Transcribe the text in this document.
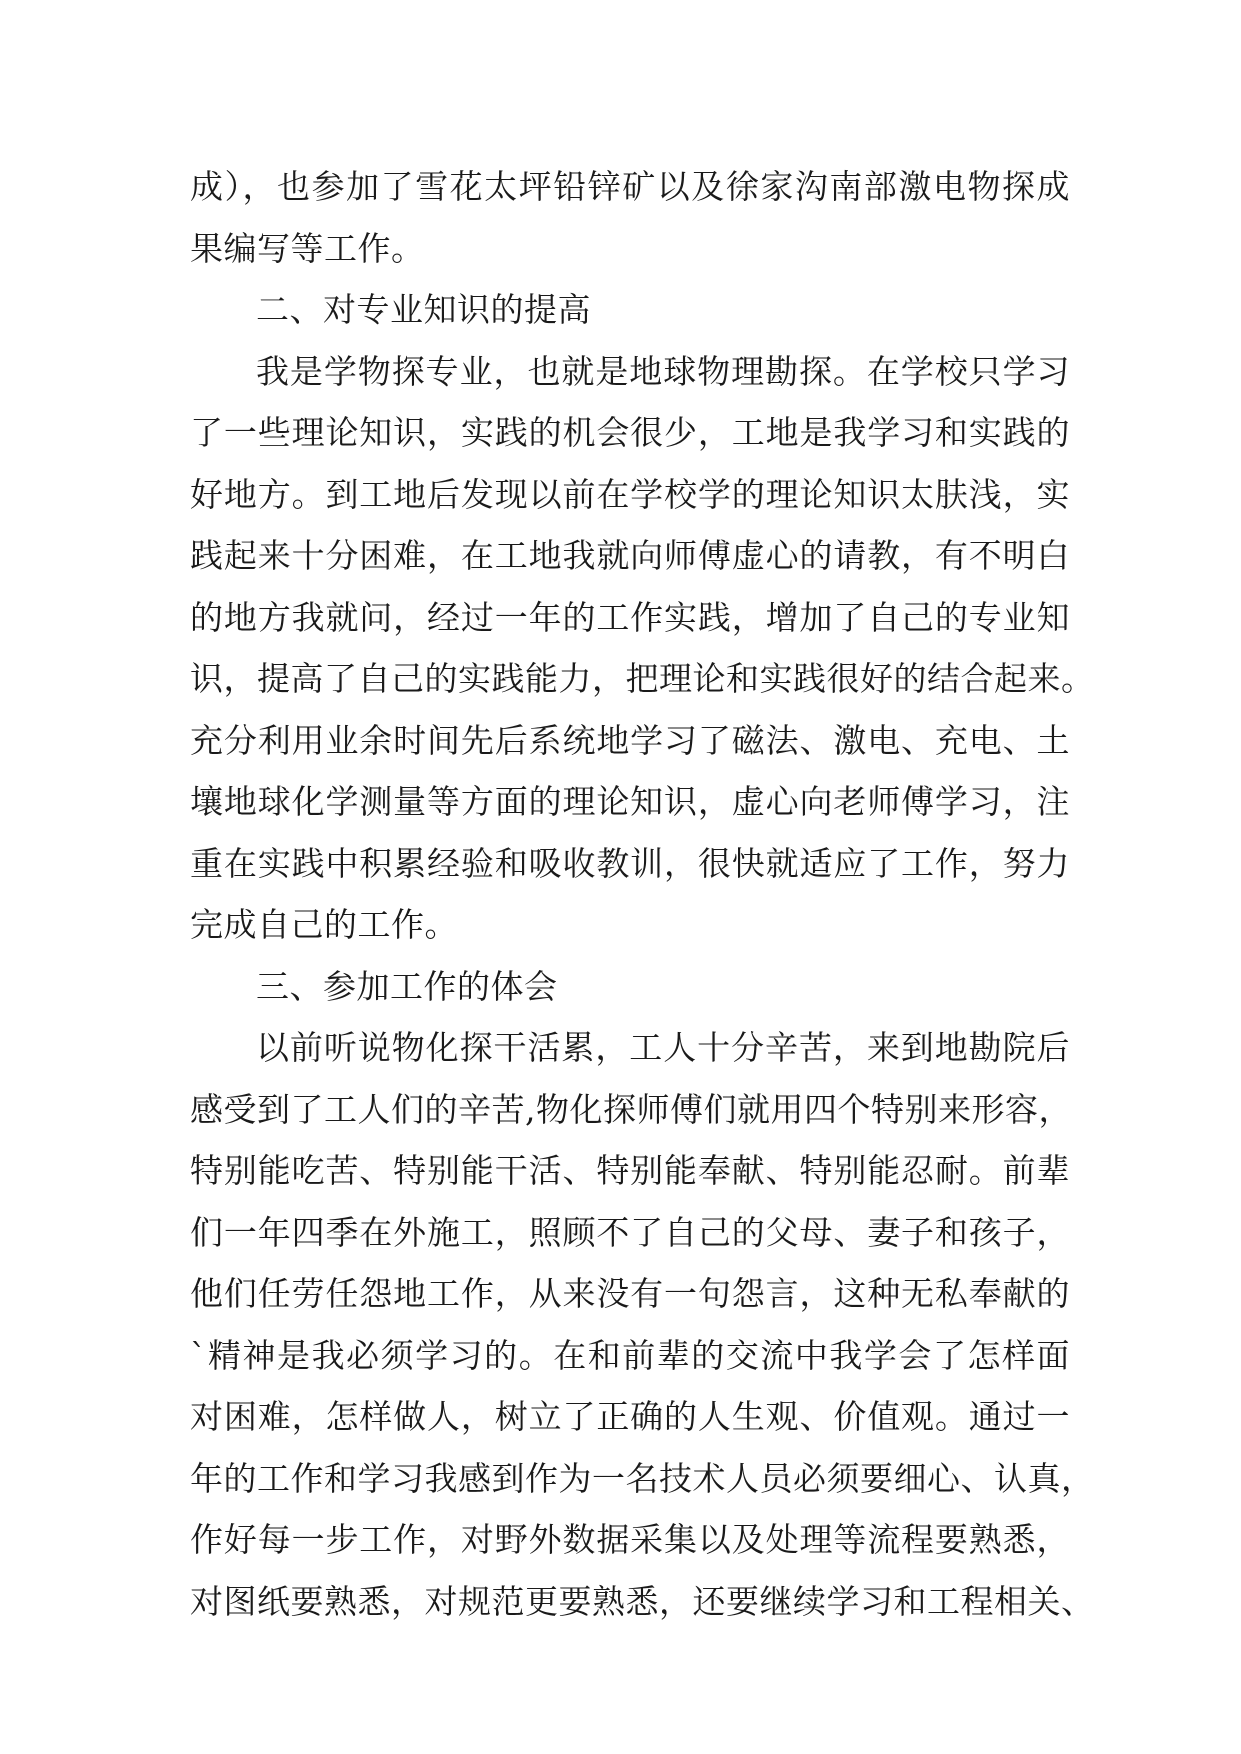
成），也参加了雪花太坪铅锌矿以及徐家沟南部激电物探成
果编写等工作。
二、对专业知识的提高
我是学物探专业，也就是地球物理勘探。在学校只学习
了一些理论知识，实践的机会很少，工地是我学习和实践的
好地方。到工地后发现以前在学校学的理论知识太肤浅，实
践起来十分困难，在工地我就向师傅虚心的请教，有不明白
的地方我就问，经过一年的工作实践，增加了自己的专业知
识，提高了自己的实践能力，把理论和实践很好的结合起来。
充分利用业余时间先后系统地学习了磁法、激电、充电、土
壤地球化学测量等方面的理论知识，虚心向老师傅学习，注
重在实践中积累经验和吸收教训，很快就适应了工作，努力
完成自己的工作。
三、参加工作的体会
以前听说物化探干活累，工人十分辛苦，来到地勘院后
感受到了工人们的辛苦,物化探师傅们就用四个特别来形容，
特别能吃苦、特别能干活、特别能奉献、特别能忍耐。前辈
们一年四季在外施工，照顾不了自己的父母、妻子和孩子，
他们任劳任怨地工作，从来没有一句怨言，这种无私奉献的
`精神是我必须学习的。在和前辈的交流中我学会了怎样面
对困难，怎样做人，树立了正确的人生观、价值观。通过一
年的工作和学习我感到作为一名技术人员必须要细心、认真，
作好每一步工作，对野外数据采集以及处理等流程要熟悉，
对图纸要熟悉，对规范更要熟悉，还要继续学习和工程相关、
